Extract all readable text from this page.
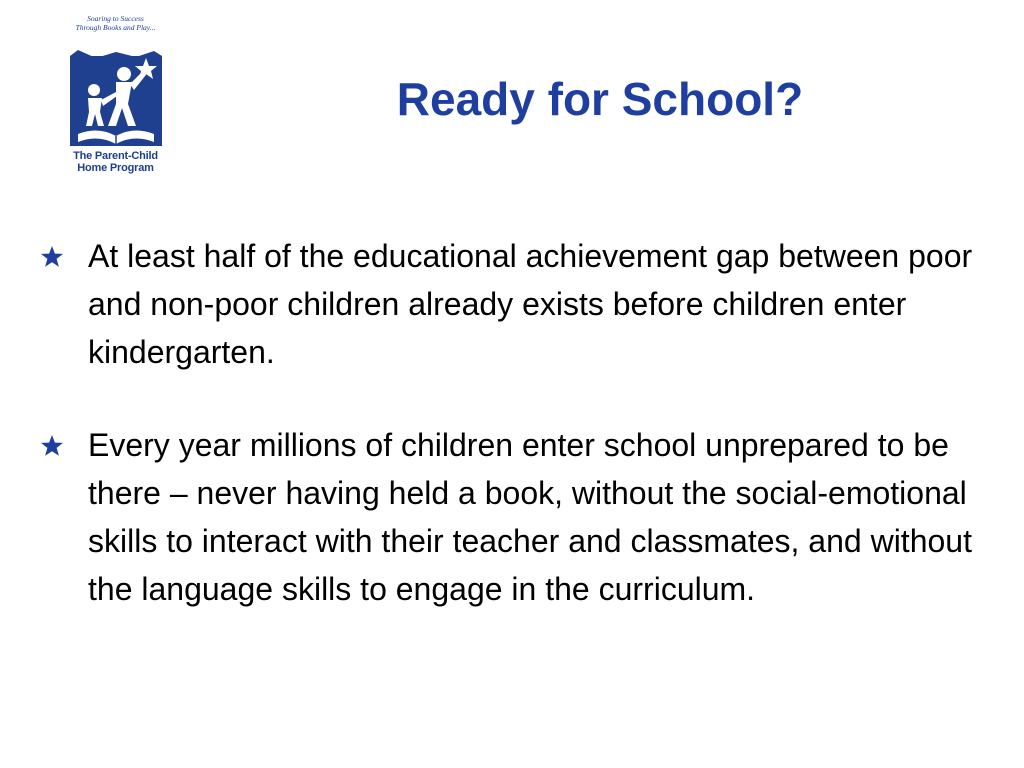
Soaring to Success
Through Books and Play...
The Parent-Child
Home Program
Ready for School?
At least half of the educational achievement gap between poor and non-poor children already exists before children enter kindergarten.
Every year millions of children enter school unprepared to be there – never having held a book, without the social-emotional skills to interact with their teacher and classmates, and without the language skills to engage in the curriculum.
